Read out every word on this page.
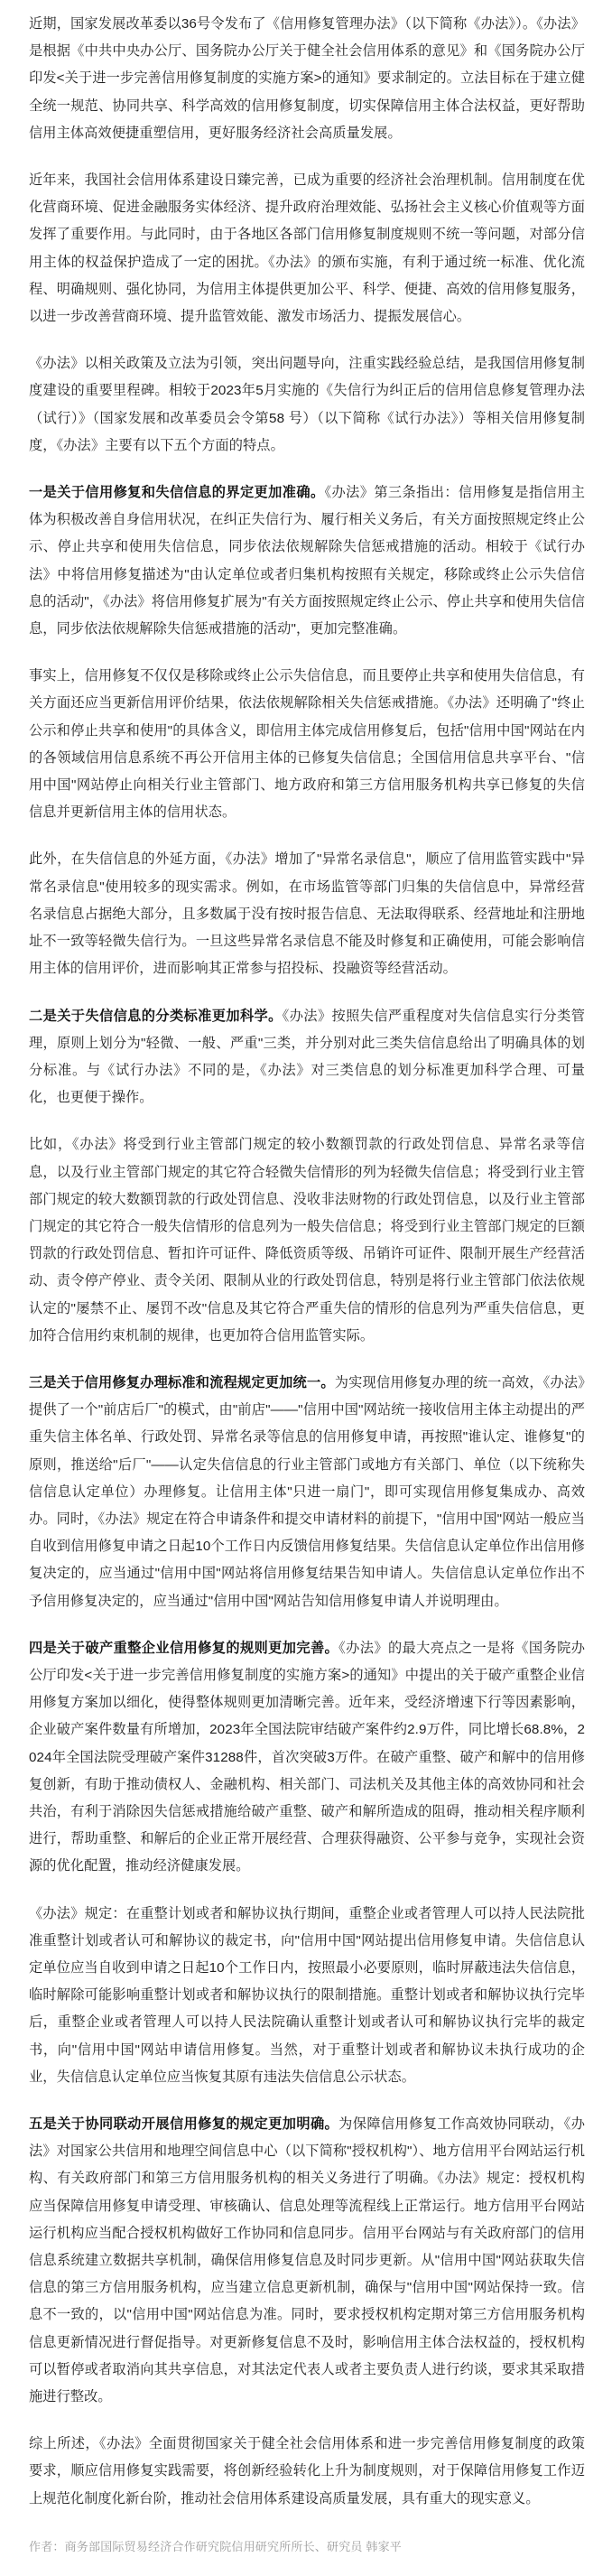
近期，国家发展改革委以36号令发布了《信用修复管理办法》（以下简称《办法》）。《办法》是根据《中共中央办公厅、国务院办公厅关于健全社会信用体系的意见》和《国务院办公厅印发<关于进一步完善信用修复制度的实施方案>的通知》要求制定的。立法目标在于建立健全统一规范、协同共享、科学高效的信用修复制度，切实保障信用主体合法权益，更好帮助信用主体高效便捷重塑信用，更好服务经济社会高质量发展。

近年来，我国社会信用体系建设日臻完善，已成为重要的经济社会治理机制。信用制度在优化营商环境、促进金融服务实体经济、提升政府治理效能、弘扬社会主义核心价值观等方面发挥了重要作用。与此同时，由于各地区各部门信用修复制度规则不统一等问题，对部分信用主体的权益保护造成了一定的困扰。《办法》的颁布实施，有利于通过统一标准、优化流程、明确规则、强化协同，为信用主体提供更加公平、科学、便捷、高效的信用修复服务，以进一步改善营商环境、提升监管效能、激发市场活力、提振发展信心。

《办法》以相关政策及立法为引领，突出问题导向，注重实践经验总结，是我国信用修复制度建设的重要里程碑。相较于2023年5月实施的《失信行为纠正后的信用信息修复管理办法（试行）》（国家发展和改革委员会令第58 号）（以下简称《试行办法》）等相关信用修复制度，《办法》主要有以下五个方面的特点。

一是关于信用修复和失信信息的界定更加准确。《办法》第三条指出：信用修复是指信用主体为积极改善自身信用状况，在纠正失信行为、履行相关义务后，有关方面按照规定终止公示、停止共享和使用失信信息，同步依法依规解除失信惩戒措施的活动。相较于《试行办法》中将信用修复描述为"由认定单位或者归集机构按照有关规定，移除或终止公示失信信息的活动"，《办法》将信用修复扩展为"有关方面按照规定终止公示、停止共享和使用失信信息，同步依法依规解除失信惩戒措施的活动"，更加完整准确。

事实上，信用修复不仅仅是移除或终止公示失信信息，而且要停止共享和使用失信信息，有关方面还应当更新信用评价结果，依法依规解除相关失信惩戒措施。《办法》还明确了"终止公示和停止共享和使用"的具体含义，即信用主体完成信用修复后，包括"信用中国"网站在内的各领域信用信息系统不再公开信用主体的已修复失信信息；全国信用信息共享平台、"信用中国"网站停止向相关行业主管部门、地方政府和第三方信用服务机构共享已修复的失信信息并更新信用主体的信用状态。

此外，在失信信息的外延方面，《办法》增加了"异常名录信息"，顺应了信用监管实践中"异常名录信息"使用较多的现实需求。例如，在市场监管等部门归集的失信信息中，异常经营名录信息占据绝大部分，且多数属于没有按时报告信息、无法取得联系、经营地址和注册地址不一致等轻微失信行为。一旦这些异常名录信息不能及时修复和正确使用，可能会影响信用主体的信用评价，进而影响其正常参与招投标、投融资等经营活动。

二是关于失信信息的分类标准更加科学。《办法》按照失信严重程度对失信信息实行分类管理，原则上划分为"轻微、一般、严重"三类，并分别对此三类失信信息给出了明确具体的划分标准。与《试行办法》不同的是，《办法》对三类信息的划分标准更加科学合理、可量化，也更便于操作。

比如，《办法》将受到行业主管部门规定的较小数额罚款的行政处罚信息、异常名录等信息，以及行业主管部门规定的其它符合轻微失信情形的列为轻微失信信息；将受到行业主管部门规定的较大数额罚款的行政处罚信息、没收非法财物的行政处罚信息，以及行业主管部门规定的其它符合一般失信情形的信息列为一般失信信息；将受到行业主管部门规定的巨额罚款的行政处罚信息、暂扣许可证件、降低资质等级、吊销许可证件、限制开展生产经营活动、责令停产停业、责令关闭、限制从业的行政处罚信息，特别是将行业主管部门依法依规认定的"屡禁不止、屡罚不改"信息及其它符合严重失信的情形的信息列为严重失信信息，更加符合信用约束机制的规律，也更加符合信用监管实际。

三是关于信用修复办理标准和流程规定更加统一。为实现信用修复办理的统一高效，《办法》提供了一个"前店后厂"的模式，由"前店"——"信用中国"网站统一接收信用主体主动提出的严重失信主体名单、行政处罚、异常名录等信息的信用修复申请，再按照"谁认定、谁修复"的原则，推送给"后厂"——认定失信信息的行业主管部门或地方有关部门、单位（以下统称失信信息认定单位）办理修复。让信用主体"只进一扇门"，即可实现信用修复集成办、高效办。同时，《办法》规定在符合申请条件和提交申请材料的前提下，"信用中国"网站一般应当自收到信用修复申请之日起10个工作日内反馈信用修复结果。失信信息认定单位作出信用修复决定的，应当通过"信用中国"网站将信用修复结果告知申请人。失信信息认定单位作出不予信用修复决定的，应当通过"信用中国"网站告知信用修复申请人并说明理由。

四是关于破产重整企业信用修复的规则更加完善。《办法》的最大亮点之一是将《国务院办公厅印发<关于进一步完善信用修复制度的实施方案>的通知》中提出的关于破产重整企业信用修复方案加以细化，使得整体规则更加清晰完善。近年来，受经济增速下行等因素影响，企业破产案件数量有所增加，2023年全国法院审结破产案件约2.9万件，同比增长68.8%，2024年全国法院受理破产案件31288件，首次突破3万件。在破产重整、破产和解中的信用修复创新，有助于推动债权人、金融机构、相关部门、司法机关及其他主体的高效协同和社会共治，有利于消除因失信惩戒措施给破产重整、破产和解所造成的阻碍，推动相关程序顺利进行，帮助重整、和解后的企业正常开展经营、合理获得融资、公平参与竞争，实现社会资源的优化配置，推动经济健康发展。

《办法》规定：在重整计划或者和解协议执行期间，重整企业或者管理人可以持人民法院批准重整计划或者认可和解协议的裁定书，向"信用中国"网站提出信用修复申请。失信信息认定单位应当自收到申请之日起10个工作日内，按照最小必要原则，临时屏蔽违法失信信息，临时解除可能影响重整计划或者和解协议执行的限制措施。重整计划或者和解协议执行完毕后，重整企业或者管理人可以持人民法院确认重整计划或者认可和解协议执行完毕的裁定书，向"信用中国"网站申请信用修复。当然，对于重整计划或者和解协议未执行成功的企业，失信信息认定单位应当恢复其原有违法失信信息公示状态。

五是关于协同联动开展信用修复的规定更加明确。为保障信用修复工作高效协同联动，《办法》对国家公共信用和地理空间信息中心（以下简称"授权机构"）、地方信用平台网站运行机构、有关政府部门和第三方信用服务机构的相关义务进行了明确。《办法》规定：授权机构应当保障信用修复申请受理、审核确认、信息处理等流程线上正常运行。地方信用平台网站运行机构应当配合授权机构做好工作协同和信息同步。信用平台网站与有关政府部门的信用信息系统建立数据共享机制，确保信用修复信息及时同步更新。从"信用中国"网站获取失信信息的第三方信用服务机构，应当建立信息更新机制，确保与"信用中国"网站保持一致。信息不一致的，以"信用中国"网站信息为准。同时，要求授权机构定期对第三方信用服务机构信息更新情况进行督促指导。对更新修复信息不及时，影响信用主体合法权益的，授权机构可以暂停或者取消向其共享信息，对其法定代表人或者主要负责人进行约谈，要求其采取措施进行整改。

综上所述，《办法》全面贯彻国家关于健全社会信用体系和进一步完善信用修复制度的政策要求，顺应信用修复实践需要，将创新经验转化上升为制度规则，对于保障信用修复工作迈上规范化制度化新台阶，推动社会信用体系建设高质量发展，具有重大的现实意义。

作者：商务部国际贸易经济合作研究院信用研究所所长、研究员 韩家平
